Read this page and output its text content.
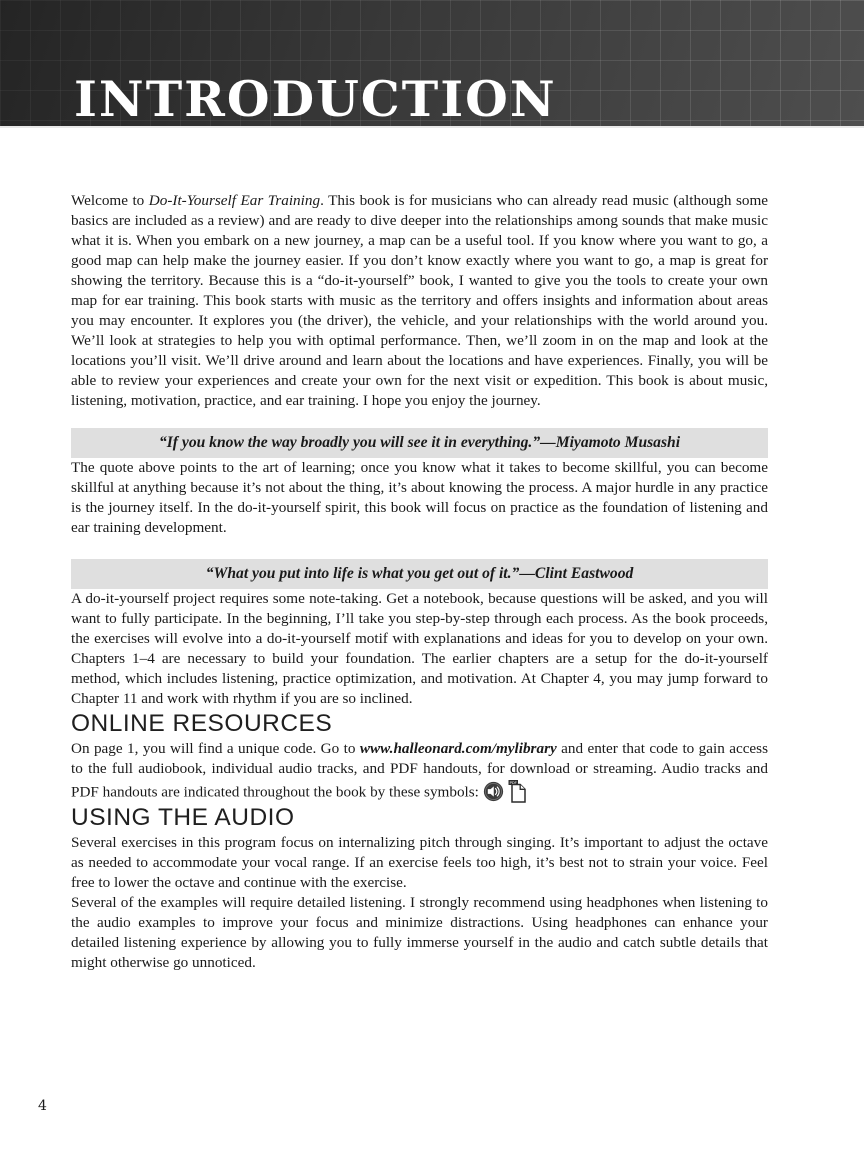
INTRODUCTION

Welcome to Do-It-Yourself Ear Training. This book is for musicians who can already read music (although some basics are included as a review) and are ready to dive deeper into the relationships among sounds that make music what it is. When you embark on a new journey, a map can be a useful tool. If you know where you want to go, a good map can help make the journey easier. If you don’t know exactly where you want to go, a map is great for showing the territory. Because this is a “do-it-yourself” book, I wanted to give you the tools to create your own map for ear training. This book starts with music as the territory and offers insights and information about areas you may encounter. It explores you (the driver), the vehicle, and your relationships with the world around you. We’ll look at strategies to help you with optimal performance. Then, we’ll zoom in on the map and look at the locations you’ll visit. We’ll drive around and learn about the locations and have experiences. Finally, you will be able to review your experiences and create your own for the next visit or expedition. This book is about music, listening, motivation, practice, and ear training. I hope you enjoy the journey.

“If you know the way broadly you will see it in everything.”—Miyamoto Musashi

The quote above points to the art of learning; once you know what it takes to become skillful, you can become skillful at anything because it’s not about the thing, it’s about knowing the process. A major hurdle in any practice is the journey itself. In the do-it-yourself spirit, this book will focus on practice as the foundation of listening and ear training development.

“What you put into life is what you get out of it.”—Clint Eastwood

A do-it-yourself project requires some note-taking. Get a notebook, because questions will be asked, and you will want to fully participate. In the beginning, I’ll take you step-by-step through each process. As the book proceeds, the exercises will evolve into a do-it-yourself motif with explanations and ideas for you to develop on your own. Chapters 1–4 are necessary to build your foundation. The earlier chapters are a setup for the do-it-yourself method, which includes listening, practice optimization, and motivation. At Chapter 4, you may jump forward to Chapter 11 and work with rhythm if you are so inclined.

ONLINE RESOURCES

On page 1, you will find a unique code. Go to www.halleonard.com/mylibrary and enter that code to gain access to the full audiobook, individual audio tracks, and PDF handouts, for download or streaming. Audio tracks and PDF handouts are indicated throughout the book by these symbols:
PDF

USING THE AUDIO

Several exercises in this program focus on internalizing pitch through singing. It’s important to adjust the octave as needed to accommodate your vocal range. If an exercise feels too high, it’s best not to strain your voice. Feel free to lower the octave and continue with the exercise.

Several of the examples will require detailed listening. I strongly recommend using headphones when listening to the audio examples to improve your focus and minimize distractions. Using headphones can enhance your detailed listening experience by allowing you to fully immerse yourself in the audio and catch subtle details that might otherwise go unnoticed.

4
